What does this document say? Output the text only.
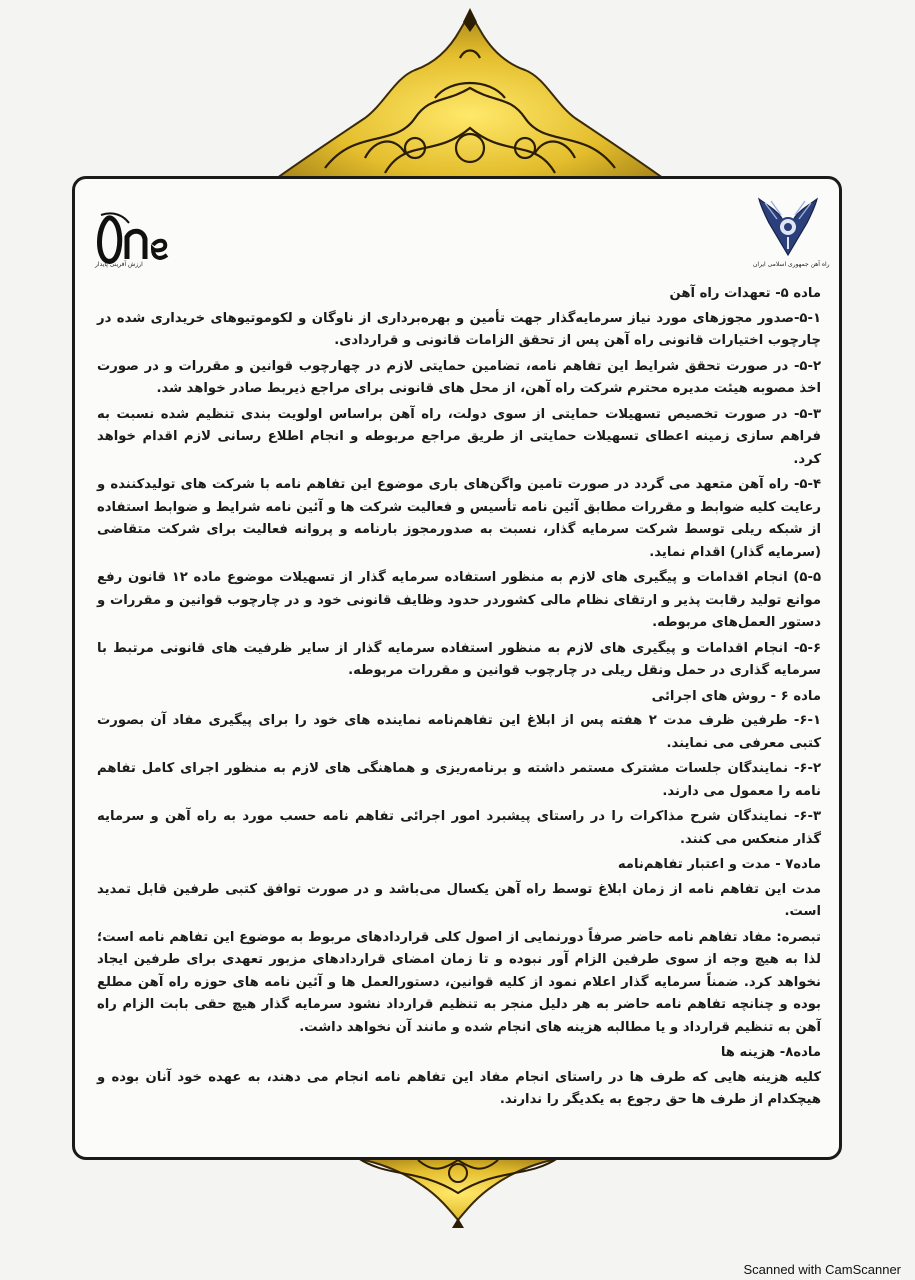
ارزش آفرینی پایدار	راه آهن جمهوری اسلامی ایران

ماده ۵- تعهدات راه آهن

۵-۱-صدور مجوزهای مورد نیاز سرمایه‌گذار جهت تأمین و بهره‌برداری از ناوگان و لکوموتیوهای خریداری شده در چارچوب اختیارات قانونی راه آهن پس از تحقق الزامات قانونی و قراردادی.

۵-۲- در صورت تحقق شرایط این تفاهم نامه، تضامین حمایتی لازم در چهارچوب قوانین و مقررات و در صورت اخذ مصوبه هیئت مدیره محترم شرکت راه آهن، از محل های قانونی برای مراجع ذیربط صادر خواهد شد.

۵-۳- در صورت تخصیص تسهیلات حمایتی از سوی دولت، راه آهن براساس اولویت بندی تنظیم شده نسبت به فراهم سازی زمینه اعطای تسهیلات حمایتی از طریق مراجع مربوطه و انجام اطلاع رسانی لازم اقدام خواهد کرد.

۵-۴- راه آهن متعهد می گردد در صورت تامین واگن‌های باری موضوع این تفاهم نامه با شرکت های تولیدکننده و رعایت کلیه ضوابط و مقررات مطابق آئین نامه تأسیس و فعالیت شرکت ها و آئین نامه شرایط و ضوابط استفاده از شبکه ریلی توسط شرکت سرمایه گذار، نسبت به صدورمجوز بارنامه و پروانه فعالیت برای شرکت متقاضی (سرمایه گذار) اقدام نماید.

۵-۵) انجام اقدامات و پیگیری های لازم به منظور استفاده سرمایه گذار از تسهیلات موضوع ماده ۱۲ قانون رفع موانع تولید رقابت پذیر و ارتقای نظام مالی کشوردر حدود وظایف قانونی خود و در چارچوب قوانین و مقررات و دستور العمل‌های مربوطه.

۵-۶- انجام اقدامات و پیگیری های لازم به منظور استفاده سرمایه گذار از سایر ظرفیت های قانونی مرتبط با سرمایه گذاری در حمل ونقل ریلی در چارچوب قوانین و مقررات مربوطه.

ماده ۶ - روش های اجرائی

۶-۱- طرفین ظرف مدت ۲ هفته پس از ابلاغ این تفاهم‌نامه نماینده های خود را برای پیگیری مفاد آن بصورت کتبی معرفی می نمایند.

۶-۲- نمایندگان جلسات مشترک مستمر داشته و برنامه‌ریزی و هماهنگی های لازم به منظور اجرای کامل تفاهم نامه را معمول می دارند.

۶-۳- نمایندگان شرح مذاکرات را در راستای پیشبرد امور اجرائی تفاهم نامه حسب مورد به راه آهن و سرمایه گذار منعکس می کنند.

ماده۷ - مدت و اعتبار تفاهم‌نامه

مدت این تفاهم نامه از زمان ابلاغ توسط راه آهن یکسال می‌باشد و در صورت توافق کتبی طرفین قابل تمدید است.

تبصره: مفاد تفاهم نامه حاضر صرفاً دورنمایی از اصول کلی قراردادهای مربوط به موضوع این تفاهم نامه است؛ لذا به هیچ وجه از سوی طرفین الزام آور نبوده و تا زمان امضای قراردادهای مزبور تعهدی برای طرفین ایجاد نخواهد کرد. ضمناً سرمایه گذار اعلام نمود از کلیه قوانین، دستورالعمل ها و آئین نامه های حوزه راه آهن مطلع بوده و چنانچه تفاهم نامه حاضر به هر دلیل منجر به تنظیم قرارداد نشود سرمایه گذار هیچ حقی بابت الزام راه آهن به تنظیم قرارداد و یا مطالبه هزینه های انجام شده و مانند آن نخواهد داشت.

ماده۸- هزینه ها

کلیه هزینه هایی که طرف ها در راستای انجام مفاد این تفاهم نامه انجام می دهند، به عهده خود آنان بوده و هیچکدام از طرف ها حق رجوع به یکدیگر را ندارند.

Scanned with CamScanner
